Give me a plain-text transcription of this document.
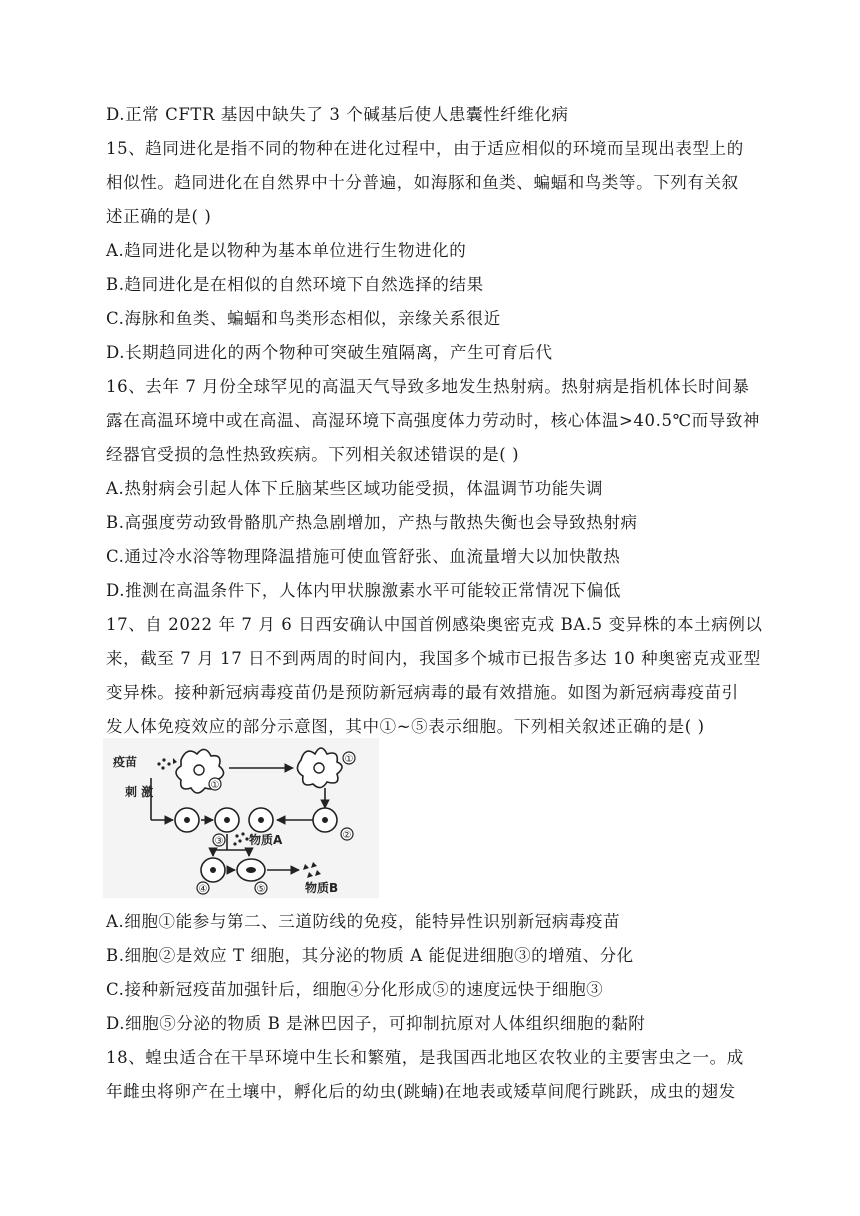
D.正常 CFTR 基因中缺失了 3 个碱基后使人患囊性纤维化病
15、趋同进化是指不同的物种在进化过程中，由于适应相似的环境而呈现出表型上的
相似性。趋同进化在自然界中十分普遍，如海豚和鱼类、蝙蝠和鸟类等。下列有关叙
述正确的是( )
A.趋同进化是以物种为基本单位进行生物进化的
B.趋同进化是在相似的自然环境下自然选择的结果
C.海脉和鱼类、蝙蝠和鸟类形态相似，亲缘关系很近
D.长期趋同进化的两个物种可突破生殖隔离，产生可育后代
16、去年 7 月份全球罕见的高温天气导致多地发生热射病。热射病是指机体长时间暴
露在高温环境中或在高温、高湿环境下高强度体力劳动时，核心体温>40.5℃而导致神
经器官受损的急性热致疾病。下列相关叙述错误的是( )
A.热射病会引起人体下丘脑某些区域功能受损，体温调节功能失调
B.高强度劳动致骨骼肌产热急剧增加，产热与散热失衡也会导致热射病
C.通过冷水浴等物理降温措施可使血管舒张、血流量增大以加快散热
D.推测在高温条件下，人体内甲状腺激素水平可能较正常情况下偏低
17、自 2022 年 7 月 6 日西安确认中国首例感染奥密克戎 BA.5 变异株的本土病例以
来，截至 7 月 17 日不到两周的时间内，我国多个城市已报告多达 10 种奥密克戎亚型
变异株。接种新冠病毒疫苗仍是预防新冠病毒的最有效措施。如图为新冠病毒疫苗引
发人体免疫效应的部分示意图，其中①~⑤表示细胞。下列相关叙述正确的是( )
疫苗
刺 激	①
①
②
③ 物质A
④	⑤	物质B
A.细胞①能参与第二、三道防线的免疫，能特异性识别新冠病毒疫苗
B.细胞②是效应 T 细胞，其分泌的物质 A 能促进细胞③的增殖、分化
C.接种新冠疫苗加强针后，细胞④分化形成⑤的速度远快于细胞③
D.细胞⑤分泌的物质 B 是淋巴因子，可抑制抗原对人体组织细胞的黏附
18、蝗虫适合在干旱环境中生长和繁殖，是我国西北地区农牧业的主要害虫之一。成
年雌虫将卵产在土壤中，孵化后的幼虫(跳蝻)在地表或矮草间爬行跳跃，成虫的翅发
